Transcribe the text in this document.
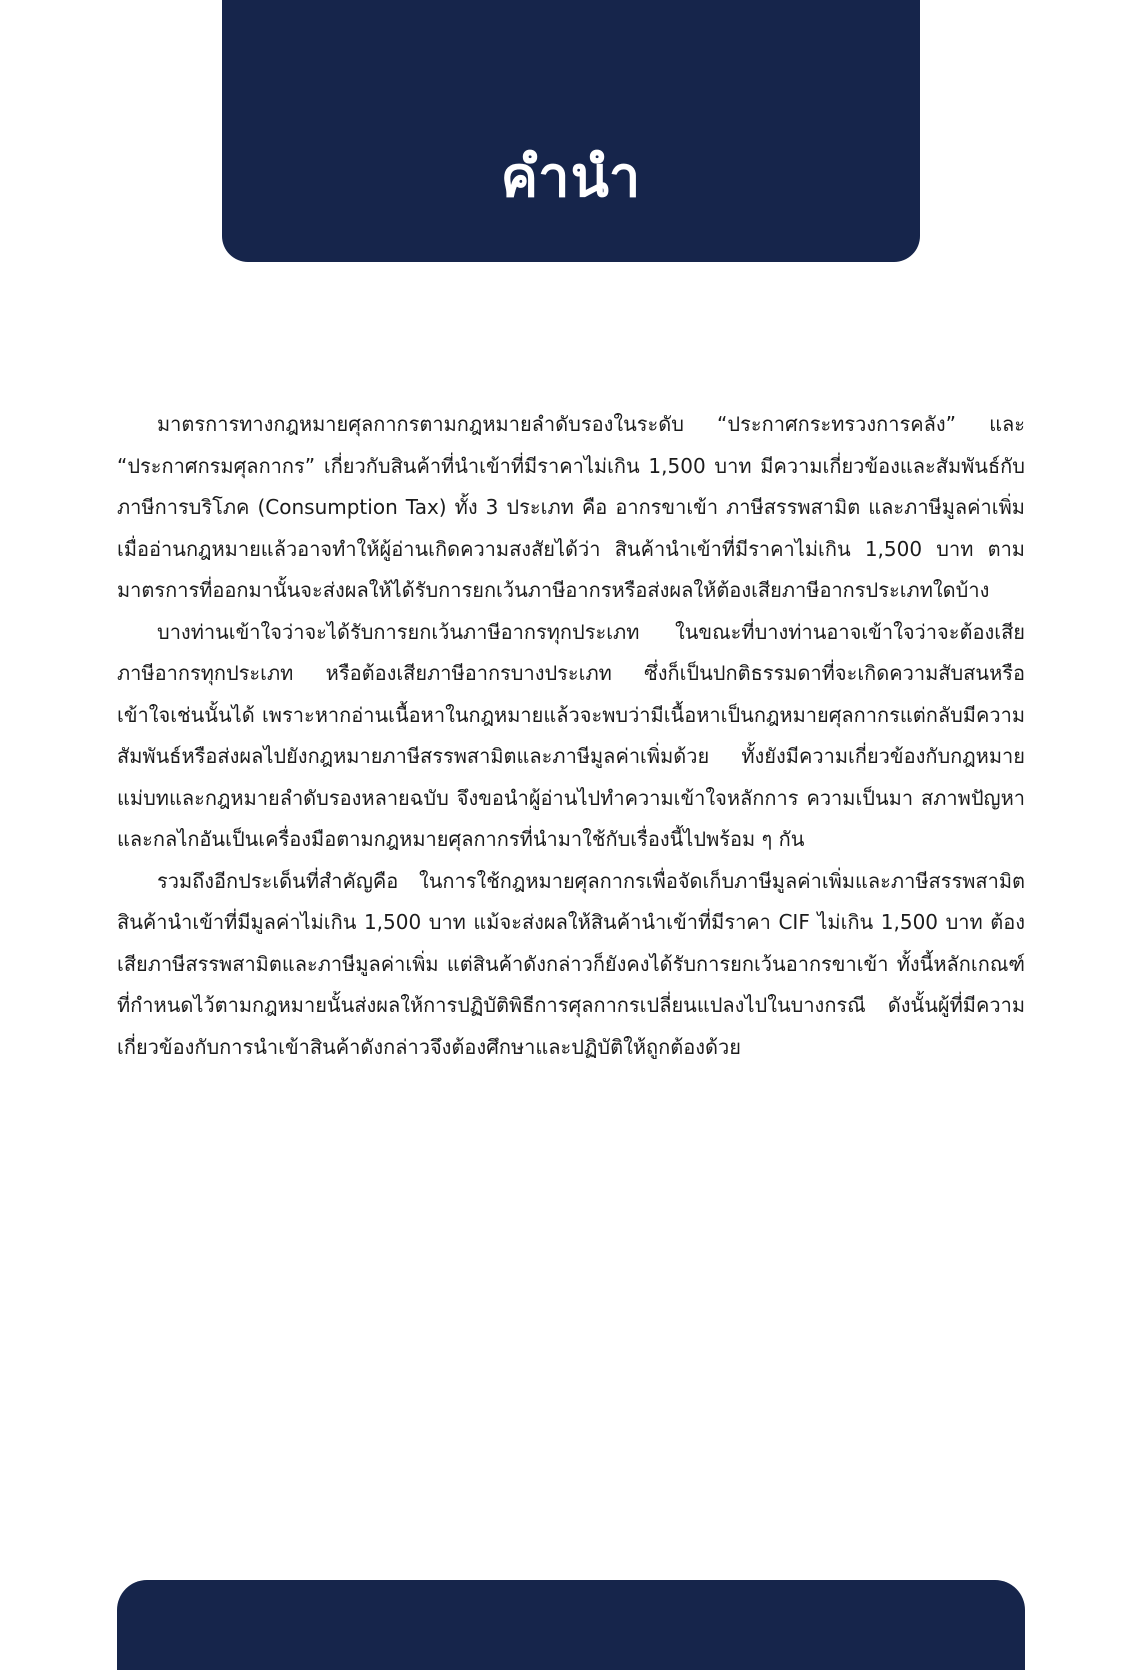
คำนำ

มาตรการทางกฎหมายศุลกากรตามกฎหมายลำดับรองในระดับ “ประกาศกระทรวงการคลัง” และ “ประกาศกรมศุลกากร” เกี่ยวกับสินค้าที่นำเข้าที่มีราคาไม่เกิน 1,500 บาท มีความเกี่ยวข้องและสัมพันธ์กับภาษีการบริโภค (Consumption Tax) ทั้ง 3 ประเภท คือ อากรขาเข้า ภาษีสรรพสามิต และภาษีมูลค่าเพิ่ม เมื่ออ่านกฎหมายแล้วอาจทำให้ผู้อ่านเกิดความสงสัยได้ว่า สินค้านำเข้าที่มีราคาไม่เกิน 1,500 บาท ตามมาตรการที่ออกมานั้นจะส่งผลให้ได้รับการยกเว้นภาษีอากรหรือส่งผลให้ต้องเสียภาษีอากรประเภทใดบ้าง

บางท่านเข้าใจว่าจะได้รับการยกเว้นภาษีอากรทุกประเภท ในขณะที่บางท่านอาจเข้าใจว่าจะต้องเสียภาษีอากรทุกประเภท หรือต้องเสียภาษีอากรบางประเภท ซึ่งก็เป็นปกติธรรมดาที่จะเกิดความสับสนหรือเข้าใจเช่นนั้นได้ เพราะหากอ่านเนื้อหาในกฎหมายแล้วจะพบว่ามีเนื้อหาเป็นกฎหมายศุลกากรแต่กลับมีความสัมพันธ์หรือส่งผลไปยังกฎหมายภาษีสรรพสามิตและภาษีมูลค่าเพิ่มด้วย ทั้งยังมีความเกี่ยวข้องกับกฎหมายแม่บทและกฎหมายลำดับรองหลายฉบับ จึงขอนำผู้อ่านไปทำความเข้าใจหลักการ ความเป็นมา สภาพปัญหา และกลไกอันเป็นเครื่องมือตามกฎหมายศุลกากรที่นำมาใช้กับเรื่องนี้ไปพร้อม ๆ กัน

รวมถึงอีกประเด็นที่สำคัญคือ ในการใช้กฎหมายศุลกากรเพื่อจัดเก็บภาษีมูลค่าเพิ่มและภาษีสรรพสามิตสินค้านำเข้าที่มีมูลค่าไม่เกิน 1,500 บาท แม้จะส่งผลให้สินค้านำเข้าที่มีราคา CIF ไม่เกิน 1,500 บาท ต้องเสียภาษีสรรพสามิตและภาษีมูลค่าเพิ่ม แต่สินค้าดังกล่าวก็ยังคงได้รับการยกเว้นอากรขาเข้า ทั้งนี้หลักเกณฑ์ที่กำหนดไว้ตามกฎหมายนั้นส่งผลให้การปฏิบัติพิธีการศุลกากรเปลี่ยนแปลงไปในบางกรณี ดังนั้นผู้ที่มีความเกี่ยวข้องกับการนำเข้าสินค้าดังกล่าวจึงต้องศึกษาและปฏิบัติให้ถูกต้องด้วย
